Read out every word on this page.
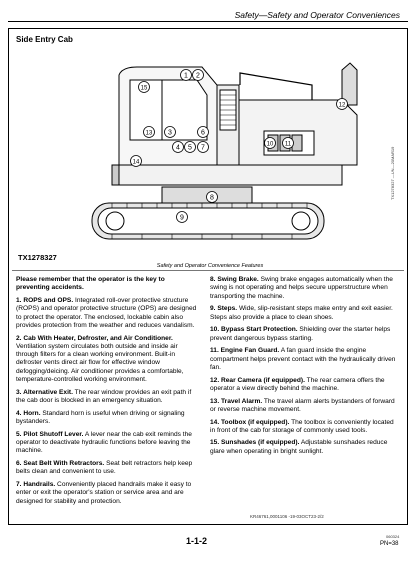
Safety—Safety and Operator Conveniences
Side Entry Cab
1 2
3
4 5
6
7
8
9
10 11
12
13
14
15
TX1278327 —UN—20MAR19
TX1278327
Safety and Operator Convenience Features

Please remember that the operator is the key to preventing accidents.

1. ROPS and OPS. Integrated roll-over protective structure (ROPS) and operator protective structure (OPS) are designed to protect the operator. The enclosed, lockable cabin also provides protection from the weather and reduces vandalism.

2. Cab With Heater, Defroster, and Air Conditioner. Ventilation system circulates both outside and inside air through filters for a clean working environment. Built-in defroster vents direct air flow for effective window defogging/deicing. Air conditioner provides a comfortable, temperature-controlled working environment.

3. Alternative Exit. The rear window provides an exit path if the cab door is blocked in an emergency situation.

4. Horn. Standard horn is useful when driving or signaling bystanders.

5. Pilot Shutoff Lever. A lever near the cab exit reminds the operator to deactivate hydraulic functions before leaving the machine.

6. Seat Belt With Retractors. Seat belt retractors help keep belts clean and convenient to use.

7. Handrails. Conveniently placed handrails make it easy to enter or exit the operator's station or service area and are designed for stability and protection.

8. Swing Brake. Swing brake engages automatically when the swing is not operating and helps secure upperstructure when transporting the machine.

9. Steps. Wide, slip-resistant steps make entry and exit easier. Steps also provide a place to clean shoes.

10. Bypass Start Protection. Shielding over the starter helps prevent dangerous bypass starting.

11. Engine Fan Guard. A fan guard inside the engine compartment helps prevent contact with the hydraulically driven fan.

12. Rear Camera (if equipped). The rear camera offers the operator a view directly behind the machine.

13. Travel Alarm. The travel alarm alerts bystanders of forward or reverse machine movement.

14. Toolbox (if equipped). The toolbox is conveniently located in front of the cab for storage of commonly used tools.

15. Sunshades (if equipped). Adjustable sunshades reduce glare when operating in bright sunlight.

KR46761,0001106 -19-03OCT23-2/2
1-1-2	060324
PN=38
